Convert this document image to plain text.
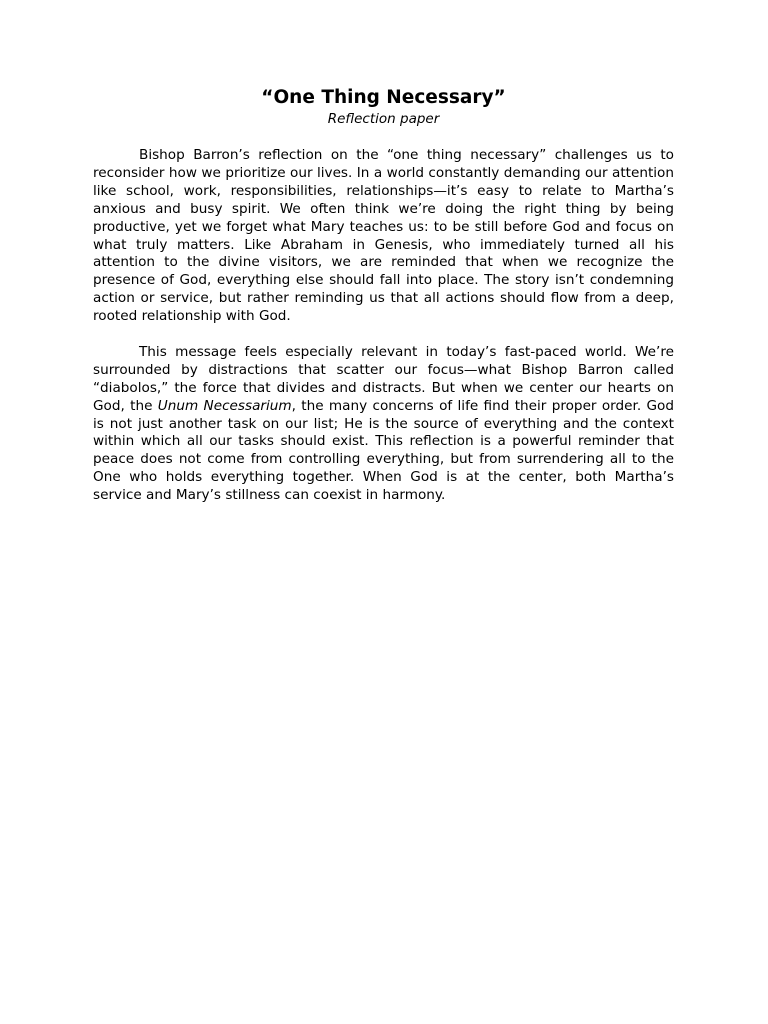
“One Thing Necessary”

Reflection paper

Bishop Barron’s reflection on the “one thing necessary” challenges us to reconsider how we prioritize our lives. In a world constantly demanding our attention like school, work, responsibilities, relationships—it’s easy to relate to Martha’s anxious and busy spirit. We often think we’re doing the right thing by being productive, yet we forget what Mary teaches us: to be still before God and focus on what truly matters. Like Abraham in Genesis, who immediately turned all his attention to the divine visitors, we are reminded that when we recognize the presence of God, everything else should fall into place. The story isn’t condemning action or service, but rather reminding us that all actions should flow from a deep, rooted relationship with God.

This message feels especially relevant in today’s fast-paced world. We’re surrounded by distractions that scatter our focus—what Bishop Barron called “diabolos,” the force that divides and distracts. But when we center our hearts on God, the Unum Necessarium, the many concerns of life find their proper order. God is not just another task on our list; He is the source of everything and the context within which all our tasks should exist. This reflection is a powerful reminder that peace does not come from controlling everything, but from surrendering all to the One who holds everything together. When God is at the center, both Martha’s service and Mary’s stillness can coexist in harmony.
